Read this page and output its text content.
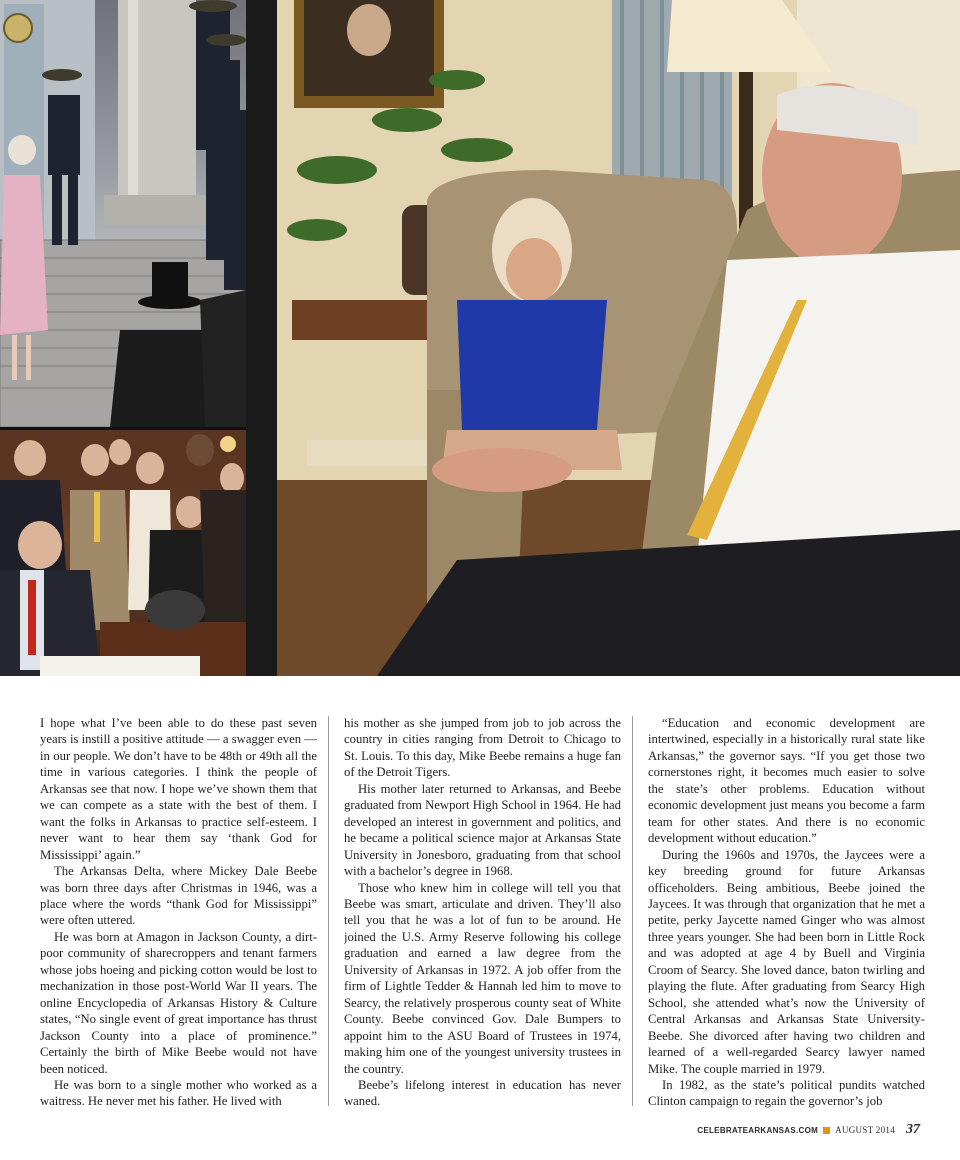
I hope what I’ve been able to do these past seven years is instill a positive attitude — a swagger even — in our people. We don’t have to be 48th or 49th all the time in various categories. I think the people of Arkansas see that now. I hope we’ve shown them that we can compete as a state with the best of them. I want the folks in Arkansas to practice self-esteem. I never want to hear them say ‘thank God for Mississippi’ again.”

The Arkansas Delta, where Mickey Dale Beebe was born three days after Christmas in 1946, was a place where the words “thank God for Mississippi” were often uttered.

He was born at Amagon in Jackson County, a dirt-poor community of sharecroppers and tenant farmers whose jobs hoeing and picking cotton would be lost to mechanization in those post-World War II years. The online Encyclopedia of Arkansas History & Culture states, “No single event of great importance has thrust Jackson County into a place of prominence.” Certainly the birth of Mike Beebe would not have been noticed.

He was born to a single mother who worked as a waitress. He never met his father. He lived with

his mother as she jumped from job to job across the country in cities ranging from Detroit to Chicago to St. Louis. To this day, Mike Beebe remains a huge fan of the Detroit Tigers.

His mother later returned to Arkansas, and Beebe graduated from Newport High School in 1964. He had developed an interest in government and politics, and he became a political science major at Arkansas State University in Jonesboro, graduating from that school with a bachelor’s degree in 1968.

Those who knew him in college will tell you that Beebe was smart, articulate and driven. They’ll also tell you that he was a lot of fun to be around. He joined the U.S. Army Reserve following his college graduation and earned a law degree from the University of Arkansas in 1972. A job offer from the firm of Lightle Tedder & Hannah led him to move to Searcy, the relatively prosperous county seat of White County. Beebe convinced Gov. Dale Bumpers to appoint him to the ASU Board of Trustees in 1974, making him one of the youngest university trustees in the country.

Beebe’s lifelong interest in education has never waned.

“Education and economic development are intertwined, especially in a historically rural state like Arkansas,” the governor says. “If you get those two cornerstones right, it becomes much easier to solve the state’s other problems. Education without economic development just means you become a farm team for other states. And there is no economic development without education.”

During the 1960s and 1970s, the Jaycees were a key breeding ground for future Arkansas officeholders. Being ambitious, Beebe joined the Jaycees. It was through that organization that he met a petite, perky Jaycette named Ginger who was almost three years younger. She had been born in Little Rock and was adopted at age 4 by Buell and Virginia Croom of Searcy. She loved dance, baton twirling and playing the flute. After graduating from Searcy High School, she attended what’s now the University of Central Arkansas and Arkansas State University-Beebe. She divorced after having two children and learned of a well-regarded Searcy lawyer named Mike. The couple married in 1979.

In 1982, as the state’s political pundits watched Clinton campaign to regain the governor’s job

CELEBRATEARKANSAS.COM AUGUST 2014 37
